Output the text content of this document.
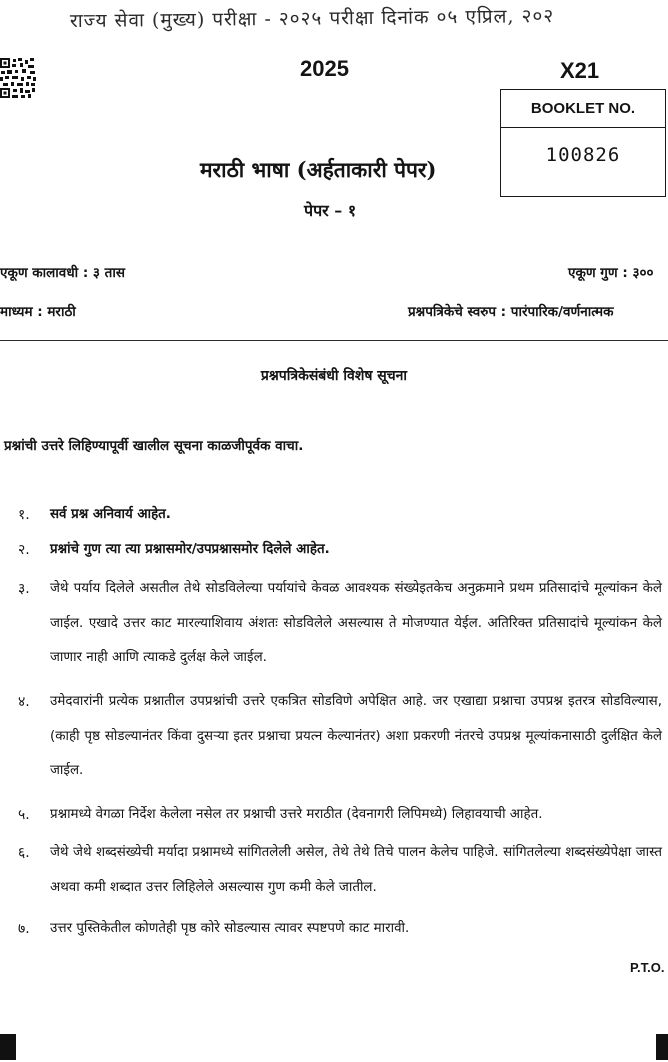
राज्य सेवा (मुख्य) परीक्षा - २०२५ परीक्षा दिनांक ०५ एप्रिल, २०२
2025	X21
BOOKLET NO.
100826
मराठी भाषा (अर्हताकारी पेपर)
पेपर – १
एकूण कालावधी : ३ तास	एकूण गुण : ३००
माध्यम : मराठी	प्रश्नपत्रिकेचे स्वरुप : पारंपारिक/वर्णनात्मक
प्रश्नपत्रिकेसंबंधी विशेष सूचना
प्रश्नांची उत्तरे लिहिण्यापूर्वी खालील सूचना काळजीपूर्वक वाचा.
१. सर्व प्रश्न अनिवार्य आहेत.
२. प्रश्नांचे गुण त्या त्या प्रश्नासमोर/उपप्रश्नासमोर दिलेले आहेत.
३. जेथे पर्याय दिलेले असतील तेथे सोडविलेल्या पर्यायांचे केवळ आवश्यक संख्येइतकेच अनुक्रमाने प्रथम प्रतिसादांचे मूल्यांकन केले जाईल. एखादे उत्तर काट मारल्याशिवाय अंशतः सोडविलेले असल्यास ते मोजण्यात येईल. अतिरिक्त प्रतिसादांचे मूल्यांकन केले जाणार नाही आणि त्याकडे दुर्लक्ष केले जाईल.
४. उमेदवारांनी प्रत्येक प्रश्नातील उपप्रश्नांची उत्तरे एकत्रित सोडविणे अपेक्षित आहे. जर एखाद्या प्रश्नाचा उपप्रश्न इतरत्र सोडविल्यास, (काही पृष्ठ सोडल्यानंतर किंवा दुसऱ्या इतर प्रश्नाचा प्रयत्न केल्यानंतर) अशा प्रकरणी नंतरचे उपप्रश्न मूल्यांकनासाठी दुर्लक्षित केले जाईल.
५. प्रश्नामध्ये वेगळा निर्देश केलेला नसेल तर प्रश्नाची उत्तरे मराठीत (देवनागरी लिपिमध्ये) लिहावयाची आहेत.
६. जेथे जेथे शब्दसंख्येची मर्यादा प्रश्नामध्ये सांगितलेली असेल, तेथे तेथे तिचे पालन केलेच पाहिजे. सांगितलेल्या शब्दसंख्येपेक्षा जास्त अथवा कमी शब्दात उत्तर लिहिलेले असल्यास गुण कमी केले जातील.
७. उत्तर पुस्तिकेतील कोणतेही पृष्ठ कोरे सोडल्यास त्यावर स्पष्टपणे काट मारावी.
P.T.O.
